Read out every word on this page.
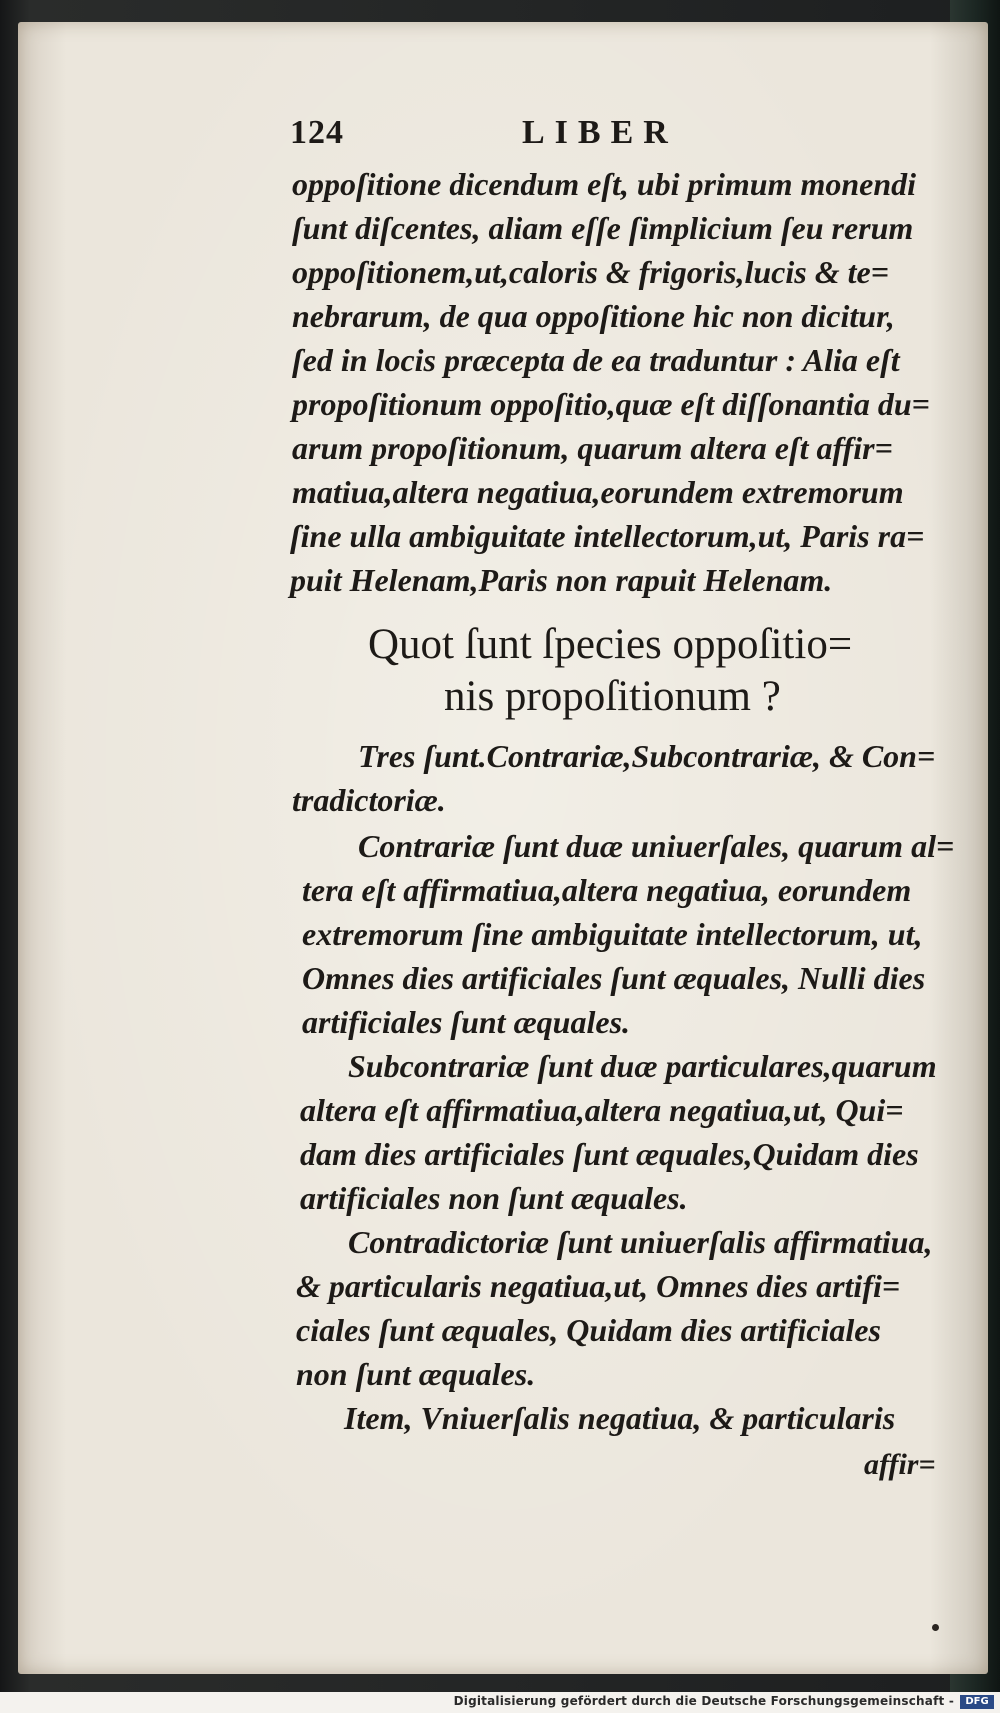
124	LIBER
oppoſitione dicendum eſt, ubi primum monendi
ſunt diſcentes, aliam eſſe ſimplicium ſeu rerum
oppoſitionem,ut,caloris & frigoris,lucis & te=
nebrarum, de qua oppoſitione hic non dicitur,
ſed in locis præcepta de ea traduntur : Alia eſt
propoſitionum oppoſitio,quæ eſt diſſonantia du=
arum propoſitionum, quarum altera eſt affir=
matiua,altera negatiua,eorundem extremorum
ſine ulla ambiguitate intellectorum,ut, Paris ra=
puit Helenam,Paris non rapuit Helenam.
Quot ſunt ſpecies oppoſitio=
nis propoſitionum ?
Tres ſunt.Contrariæ,Subcontrariæ, & Con=
tradictoriæ.
Contrariæ ſunt duæ uniuerſales, quarum al=
tera eſt affirmatiua,altera negatiua, eorundem
extremorum ſine ambiguitate intellectorum, ut,
Omnes dies artificiales ſunt æquales, Nulli dies
artificiales ſunt æquales.
Subcontrariæ ſunt duæ particulares,quarum
altera eſt affirmatiua,altera negatiua,ut, Qui=
dam dies artificiales ſunt æquales,Quidam dies
artificiales non ſunt æquales.
Contradictoriæ ſunt uniuerſalis affirmatiua,
& particularis negatiua,ut, Omnes dies artifi=
ciales ſunt æquales, Quidam dies artificiales
non ſunt æquales.
Item, Vniuerſalis negatiua, & particularis
affir=
Digitalisierung gefördert durch die Deutsche Forschungsgemeinschaft -	DFG
